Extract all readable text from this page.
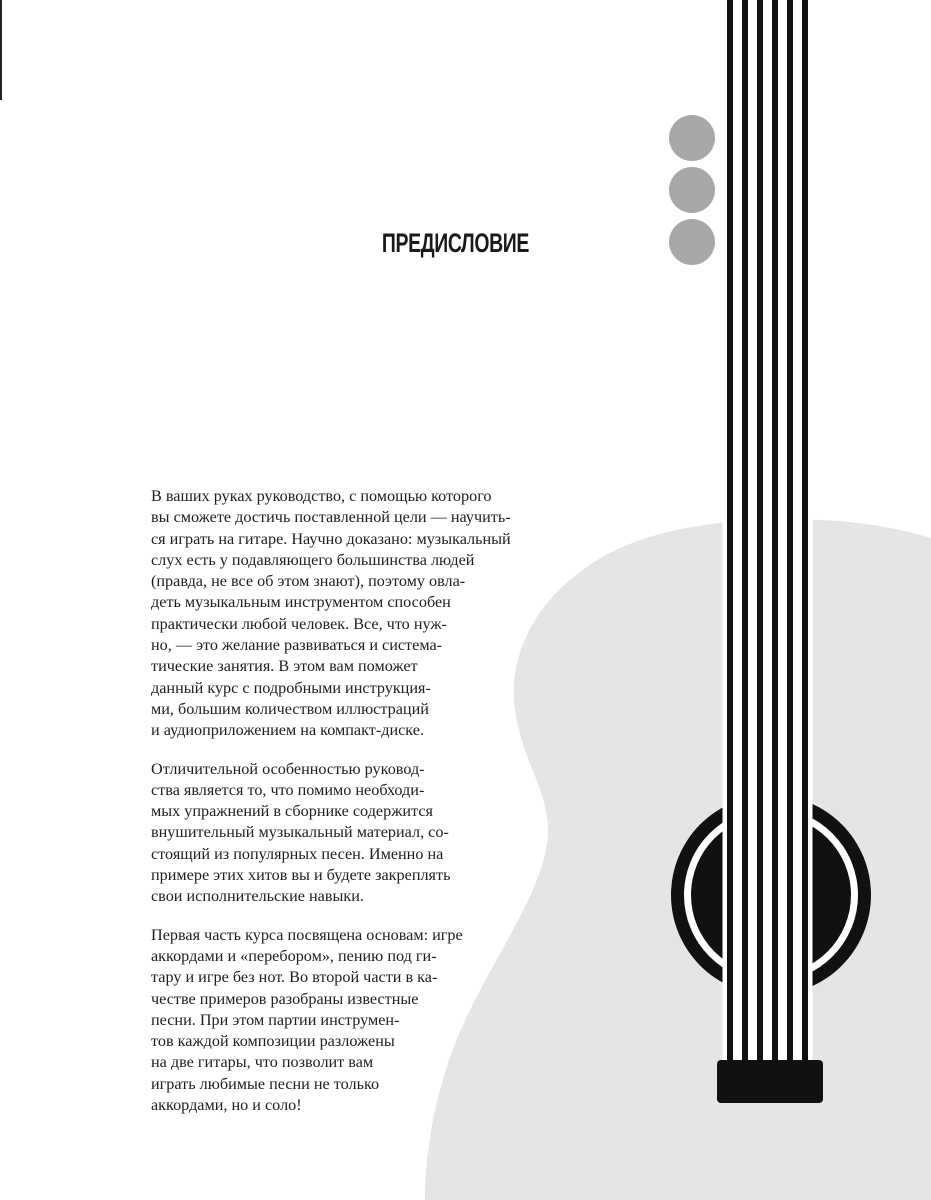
ПРЕДИСЛОВИЕ

В ваших руках руководство, с помощью которого
вы сможете достичь поставленной цели — научить-
ся играть на гитаре. Научно доказано: музыкальный
слух есть у подавляющего большинства людей
(правда, не все об этом знают), поэтому овла-
деть музыкальным инструментом способен
практически любой человек. Все, что нуж-
но, — это желание развиваться и система-
тические занятия. В этом вам поможет
данный курс с подробными инструкция-
ми, большим количеством иллюстраций
и аудиоприложением на компакт-диске.

Отличительной особенностью руковод-
ства является то, что помимо необходи-
мых упражнений в сборнике содержится
внушительный музыкальный материал, со-
стоящий из популярных песен. Именно на
примере этих хитов вы и будете закреплять
свои исполнительские навыки.

Первая часть курса посвящена основам: игре
аккордами и «перебором», пению под ги-
тару и игре без нот. Во второй части в ка-
честве примеров разобраны известные
песни. При этом партии инструмен-
тов каждой композиции разложены
на две гитары, что позволит вам
играть любимые песни не только
аккордами, но и соло!
